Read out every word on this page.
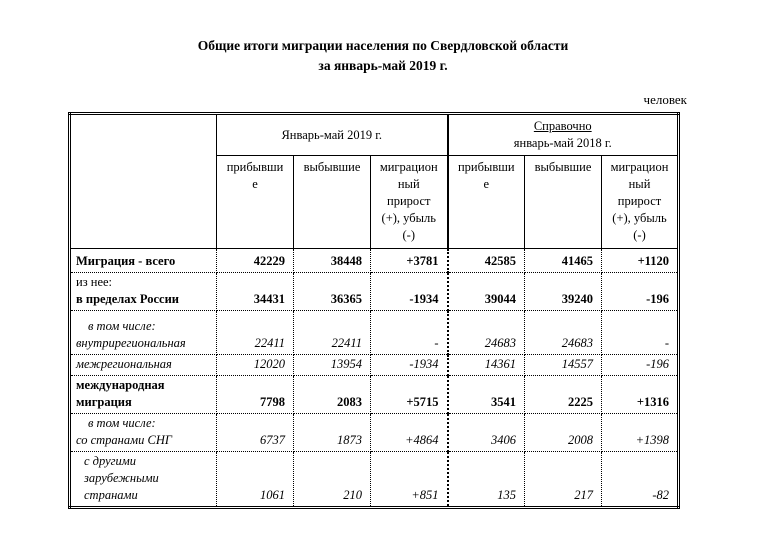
Общие итоги миграции населения по Свердловской области
за январь-май 2019 г.
человек
	Январь-май 2019 г.			Справочно
январь-май 2018 г.		

	прибывшие	выбывшие	миграционный прирост (+), убыль (-)	прибывшие	выбывшие	миграционный прирост (+), убыль (-)

Миграция - всего	42229	38448	+3781	42585	41465	+1120

из нее:
в пределах России	34431	36365	-1934	39044	39240	-196

в том числе:
внутрирегиональная	22411	22411	-	24683	24683	-

межрегиональная	12020	13954	-1934	14361	14557	-196

международная миграция	7798	2083	+5715	3541	2225	+1316

в том числе:
со странами СНГ	6737	1873	+4864	3406	2008	+1398

с другими зарубежными странами	1061	210	+851	135	217	-82
